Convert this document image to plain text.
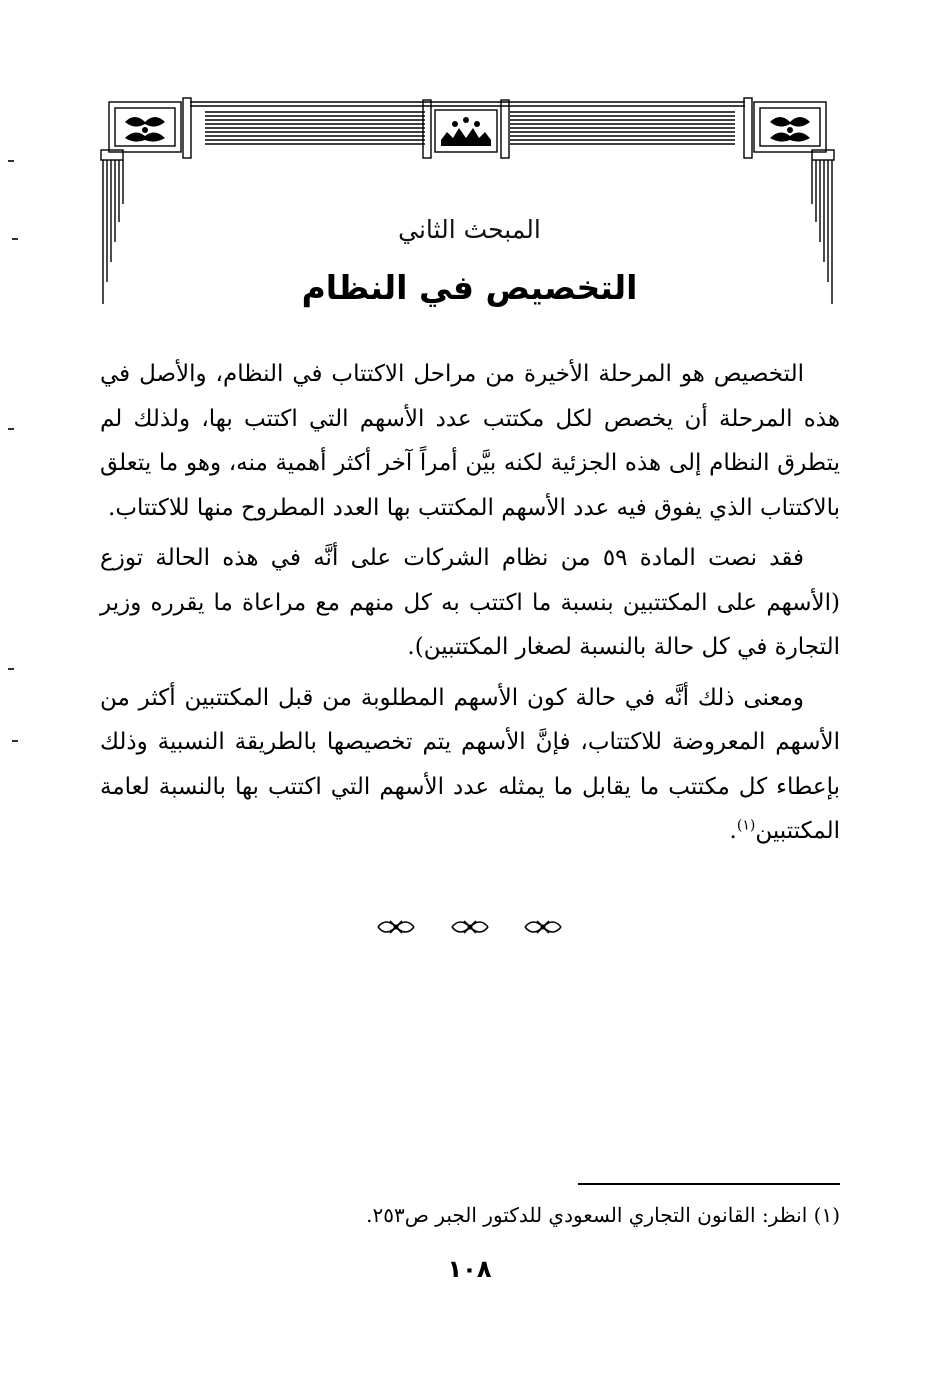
المبحث الثاني
التخصيص في النظام

التخصيص هو المرحلة الأخيرة من مراحل الاكتتاب في النظام، والأصل في هذه المرحلة أن يخصص لكل مكتتب عدد الأسهم التي اكتتب بها، ولذلك لم يتطرق النظام إلى هذه الجزئية لكنه بيَّن أمراً آخر أكثر أهمية منه، وهو ما يتعلق بالاكتتاب الذي يفوق فيه عدد الأسهم المكتتب بها العدد المطروح منها للاكتتاب.

فقد نصت المادة ٥٩ من نظام الشركات على أنَّه في هذه الحالة توزع (الأسهم على المكتتبين بنسبة ما اكتتب به كل منهم مع مراعاة ما يقرره وزير التجارة في كل حالة بالنسبة لصغار المكتتبين).

ومعنى ذلك أنَّه في حالة كون الأسهم المطلوبة من قبل المكتتبين أكثر من الأسهم المعروضة للاكتتاب، فإنَّ الأسهم يتم تخصيصها بالطريقة النسبية وذلك بإعطاء كل مكتتب ما يقابل ما يمثله عدد الأسهم التي اكتتب بها بالنسبة لعامة المكتتبين$^{(١)}$.

(١) انظر: القانون التجاري السعودي للدكتور الجبر ص٢٥٣.
١٠٨
